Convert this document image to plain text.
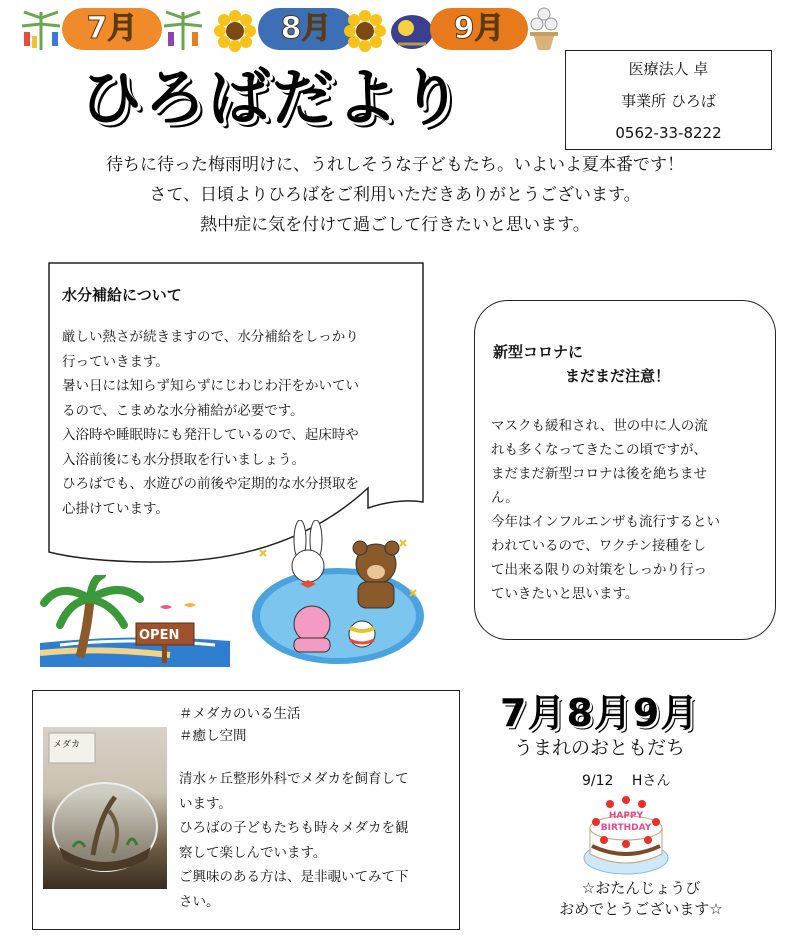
7月	8月	9月
ひろばだより	医療法人 卓
事業所 ひろば
0562-33-8222
待ちに待った梅雨明けに、うれしそうな子どもたち。いよいよ夏本番です！
さて、日頃よりひろばをご利用いただきありがとうございます。
熱中症に気を付けて過ごして行きたいと思います。
水分補給について
厳しい熱さが続きますので、水分補給をしっかり
行っていきます。
暑い日には知らず知らずにじわじわ汗をかいてい
るので、こまめな水分補給が必要です。
入浴時や睡眠時にも発汗しているので、起床時や
入浴前後にも水分摂取を行いましょう。
ひろばでも、水遊びの前後や定期的な水分摂取を
心掛けています。
OPEN
新型コロナに
まだまだ注意！
マスクも緩和され、世の中に人の流
れも多くなってきたこの頃ですが、
まだまだ新型コロナは後を絶ちませ
ん。
今年はインフルエンザも流行するとい
われているので、ワクチン接種をし
て出来る限りの対策をしっかり行っ
ていきたいと思います。
メダカ
＃メダカのいる生活
＃癒し空間
清水ヶ丘整形外科でメダカを飼育して
います。
ひろばの子どもたちも時々メダカを観
察して楽しんでいます。
ご興味のある方は、是非覗いてみて下
さい。
7月8月9月
うまれのおともだち
9/12　 Hさん
HAPPY
BIRTHDAY
☆おたんじょうび
おめでとうございます☆
